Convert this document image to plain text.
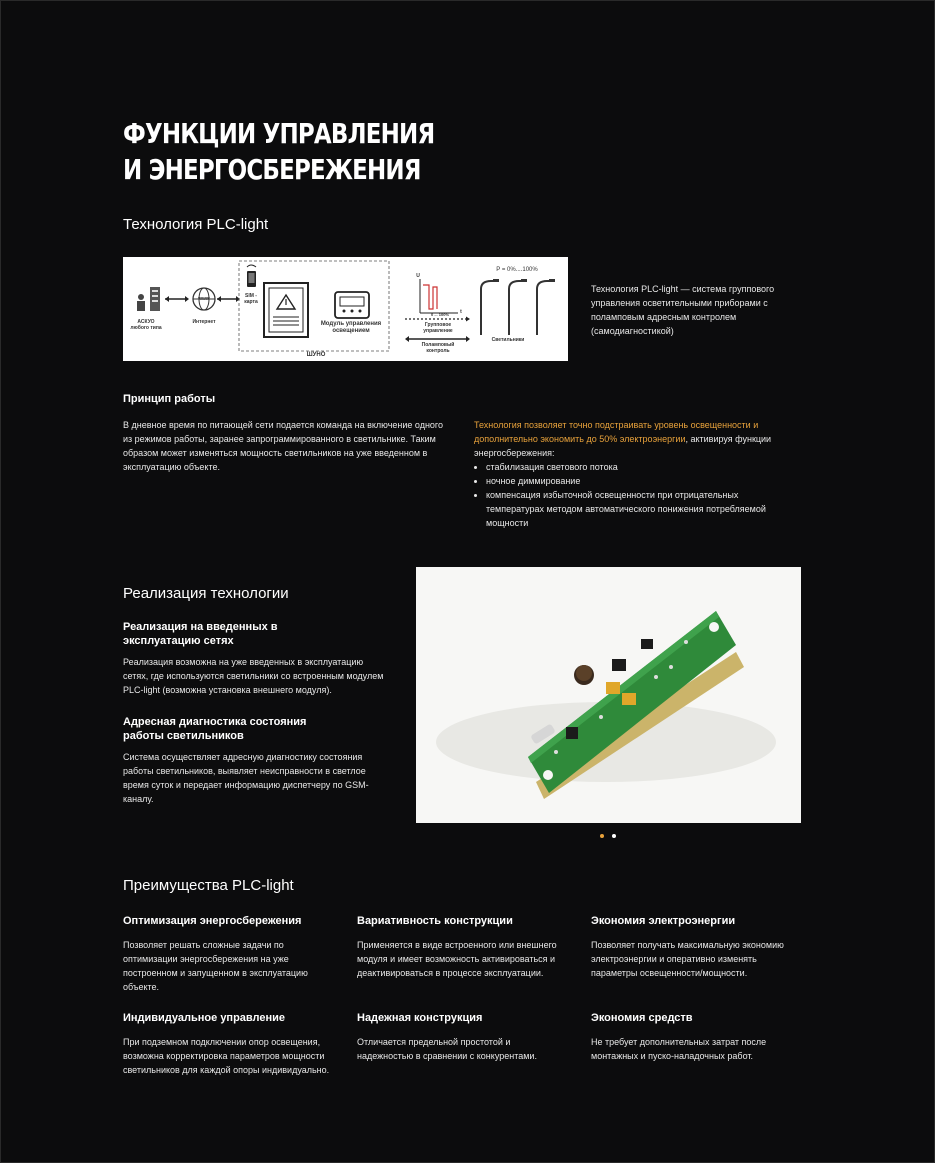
ФУНКЦИИ УПРАВЛЕНИЯ
И ЭНЕРГОСБЕРЕЖЕНИЯ
Технология PLC-light
АСКУО любого типа
Интернет
www	SIM - карта
Модуль управления освещением
ШУНО
U
t
0 ... 100%
Групповое управление
Поламповый контроль
Светильники
P = 0%....100%

Технология PLC-light — система группового управления осветительными приборами с поламповым адресным контролем (самодиагностикой)

Принцип работы

В дневное время по питающей сети подается команда на включение одного из режимов работы, заранее запрограммированного в светильнике. Таким образом может изменяться мощность светильников на уже введенном в эксплуатацию объекте.

Технология позволяет точно подстраивать уровень освещенности и дополнительно экономить до 50% электроэнергии, активируя функции энергосбережения:
• стабилизация светового потока
• ночное диммирование
• компенсация избыточной освещенности при отрицательных температурах методом автоматического понижения потребляемой мощности
Реализация технологии
Реализация на введенных в эксплуатацию сетях

Реализация возможна на уже введенных в эксплуатацию сетях, где используются светильники со встроенным модулем PLC-light (возможна установка внешнего модуля).

Адресная диагностика состояния работы светильников

Система осуществляет адресную диагностику состояния работы светильников, выявляет неисправности в светлое время суток и передает информацию диспетчеру по GSM-каналу.

Преимущества PLC-light
Оптимизация энергосбережения

Позволяет решать сложные задачи по оптимизации энергосбережения на уже построенном и запущенном в эксплуатацию объекте.

Вариативность конструкции

Применяется в виде встроенного или внешнего модуля и имеет возможность активироваться и деактивироваться в процессе эксплуатации.

Экономия электроэнергии

Позволяет получать максимальную экономию электроэнергии и оперативно изменять параметры освещенности/мощности.

Индивидуальное управление

При подземном подключении опор освещения, возможна корректировка параметров мощности светильников для каждой опоры индивидуально.

Надежная конструкция

Отличается предельной простотой и надежностью в сравнении с конкурентами.

Экономия средств

Не требует дополнительных затрат после монтажных и пуско-наладочных работ.
